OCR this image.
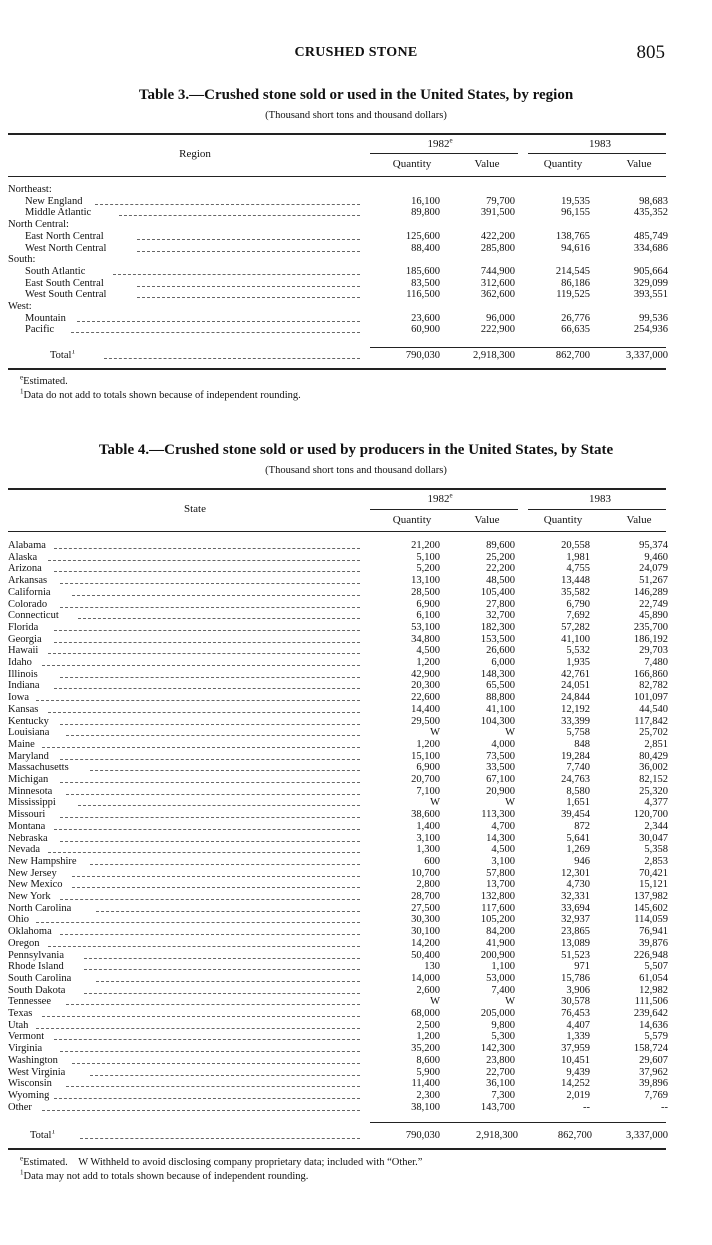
CRUSHED STONE	805
Table 3.—Crushed stone sold or used in the United States, by region
(Thousand short tons and thousand dollars)
Region
1982e	1983
Quantity	Value	Quantity	Value
Northeast:
New England	16,100	79,700	19,535	98,683
Middle Atlantic	89,800	391,500	96,155	435,352
North Central:
East North Central	125,600	422,200	138,765	485,749
West North Central	88,400	285,800	94,616	334,686
South:
South Atlantic	185,600	744,900	214,545	905,664
East South Central	83,500	312,600	86,186	329,099
West South Central	116,500	362,600	119,525	393,551
West:
Mountain	23,600	96,000	26,776	99,536
Pacific	60,900	222,900	66,635	254,936
Total$^1$	790,030	2,918,300	862,700	3,337,000
$^e$Estimated.
$^1$Data do not add to totals shown because of independent rounding.
Table 4.—Crushed stone sold or used by producers in the United States, by State
(Thousand short tons and thousand dollars)
State
1982e	1983
Quantity	Value	Quantity	Value
Alabama	21,200	89,600	20,558	95,374
Alaska	5,100	25,200	1,981	9,460
Arizona	5,200	22,200	4,755	24,079
Arkansas	13,100	48,500	13,448	51,267
California	28,500	105,400	35,582	146,289
Colorado	6,900	27,800	6,790	22,749
Connecticut	6,100	32,700	7,692	45,890
Florida	53,100	182,300	57,282	235,700
Georgia	34,800	153,500	41,100	186,192
Hawaii	4,500	26,600	5,532	29,703
Idaho	1,200	6,000	1,935	7,480
Illinois	42,900	148,300	42,761	166,860
Indiana	20,300	65,500	24,051	82,782
Iowa	22,600	88,800	24,844	101,097
Kansas	14,400	41,100	12,192	44,540
Kentucky	29,500	104,300	33,399	117,842
Louisiana	W	W	5,758	25,702
Maine	1,200	4,000	848	2,851
Maryland	15,100	73,500	19,284	80,429
Massachusetts	6,900	33,500	7,740	36,002
Michigan	20,700	67,100	24,763	82,152
Minnesota	7,100	20,900	8,580	25,320
Mississippi	W	W	1,651	4,377
Missouri	38,600	113,300	39,454	120,700
Montana	1,400	4,700	872	2,344
Nebraska	3,100	14,300	5,641	30,047
Nevada	1,300	4,500	1,269	5,358
New Hampshire	600	3,100	946	2,853
New Jersey	10,700	57,800	12,301	70,421
New Mexico	2,800	13,700	4,730	15,121
New York	28,700	132,800	32,331	137,982
North Carolina	27,500	117,600	33,694	145,602
Ohio	30,300	105,200	32,937	114,059
Oklahoma	30,100	84,200	23,865	76,941
Oregon	14,200	41,900	13,089	39,876
Pennsylvania	50,400	200,900	51,523	226,948
Rhode Island	130	1,100	971	5,507
South Carolina	14,000	53,000	15,786	61,054
South Dakota	2,600	7,400	3,906	12,982
Tennessee	W	W	30,578	111,506
Texas	68,000	205,000	76,453	239,642
Utah	2,500	9,800	4,407	14,636
Vermont	1,200	5,300	1,339	5,579
Virginia	35,200	142,300	37,959	158,724
Washington	8,600	23,800	10,451	29,607
West Virginia	5,900	22,700	9,439	37,962
Wisconsin	11,400	36,100	14,252	39,896
Wyoming	2,300	7,300	2,019	7,769
Other	38,100	143,700	--	--
Total$^1$	790,030	2,918,300	862,700	3,337,000
$^e$Estimated. W Withheld to avoid disclosing company proprietary data; included with “Other.”
$^1$Data may not add to totals shown because of independent rounding.
